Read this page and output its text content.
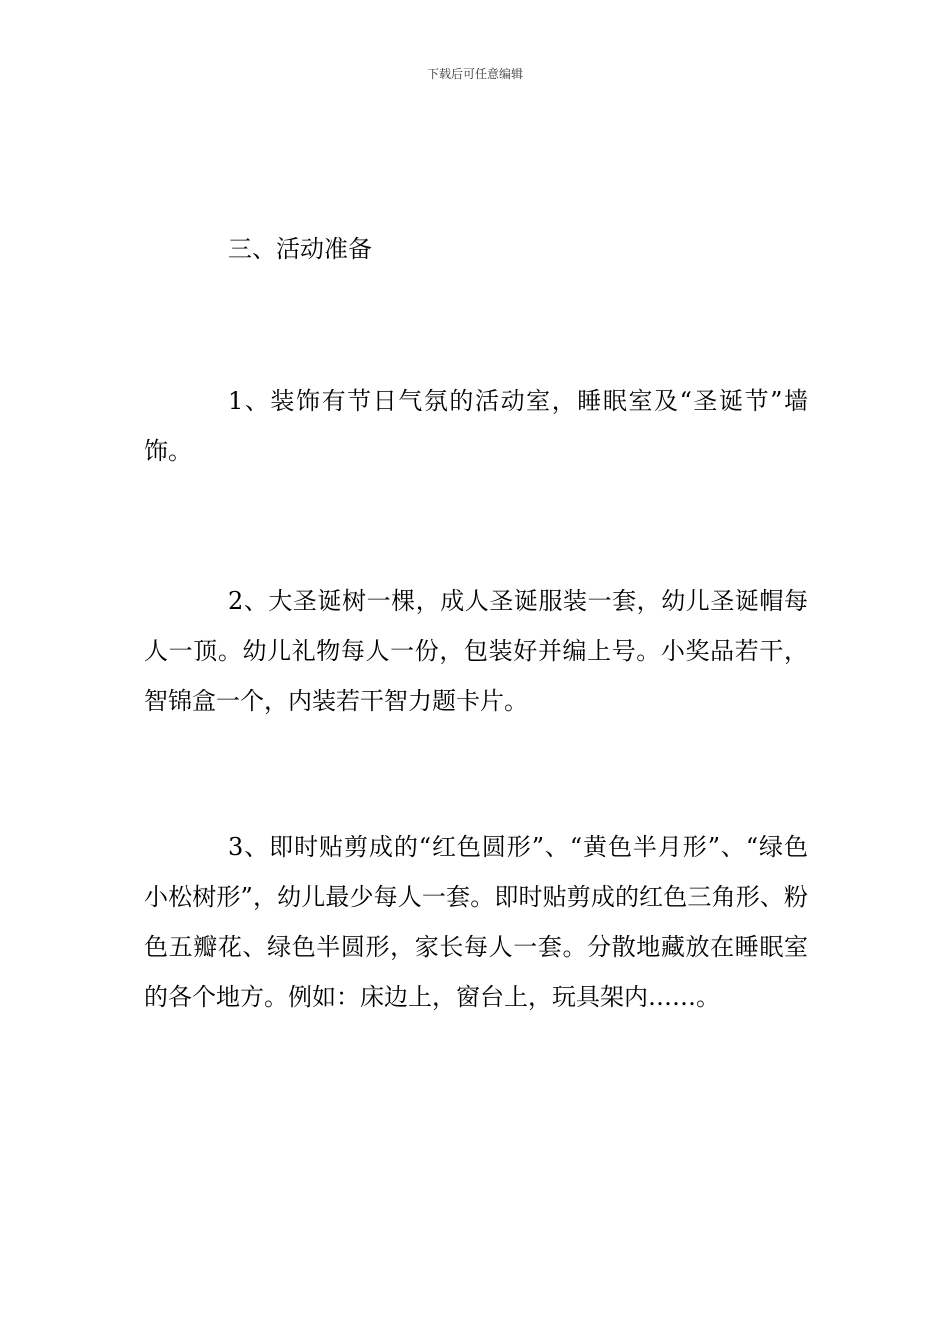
下载后可任意编辑
三、活动准备

1、装饰有节日气氛的活动室，睡眠室及“圣诞节”墙饰。

2、大圣诞树一棵，成人圣诞服装一套，幼儿圣诞帽每人一顶。幼儿礼物每人一份，包装好并编上号。小奖品若干，智锦盒一个，内装若干智力题卡片。

3、即时贴剪成的“红色圆形”、“黄色半月形”、“绿色小松树形”，幼儿最少每人一套。即时贴剪成的红色三角形、粉色五瓣花、绿色半圆形，家长每人一套。分散地藏放在睡眠室的各个地方。例如：床边上，窗台上，玩具架内……。
